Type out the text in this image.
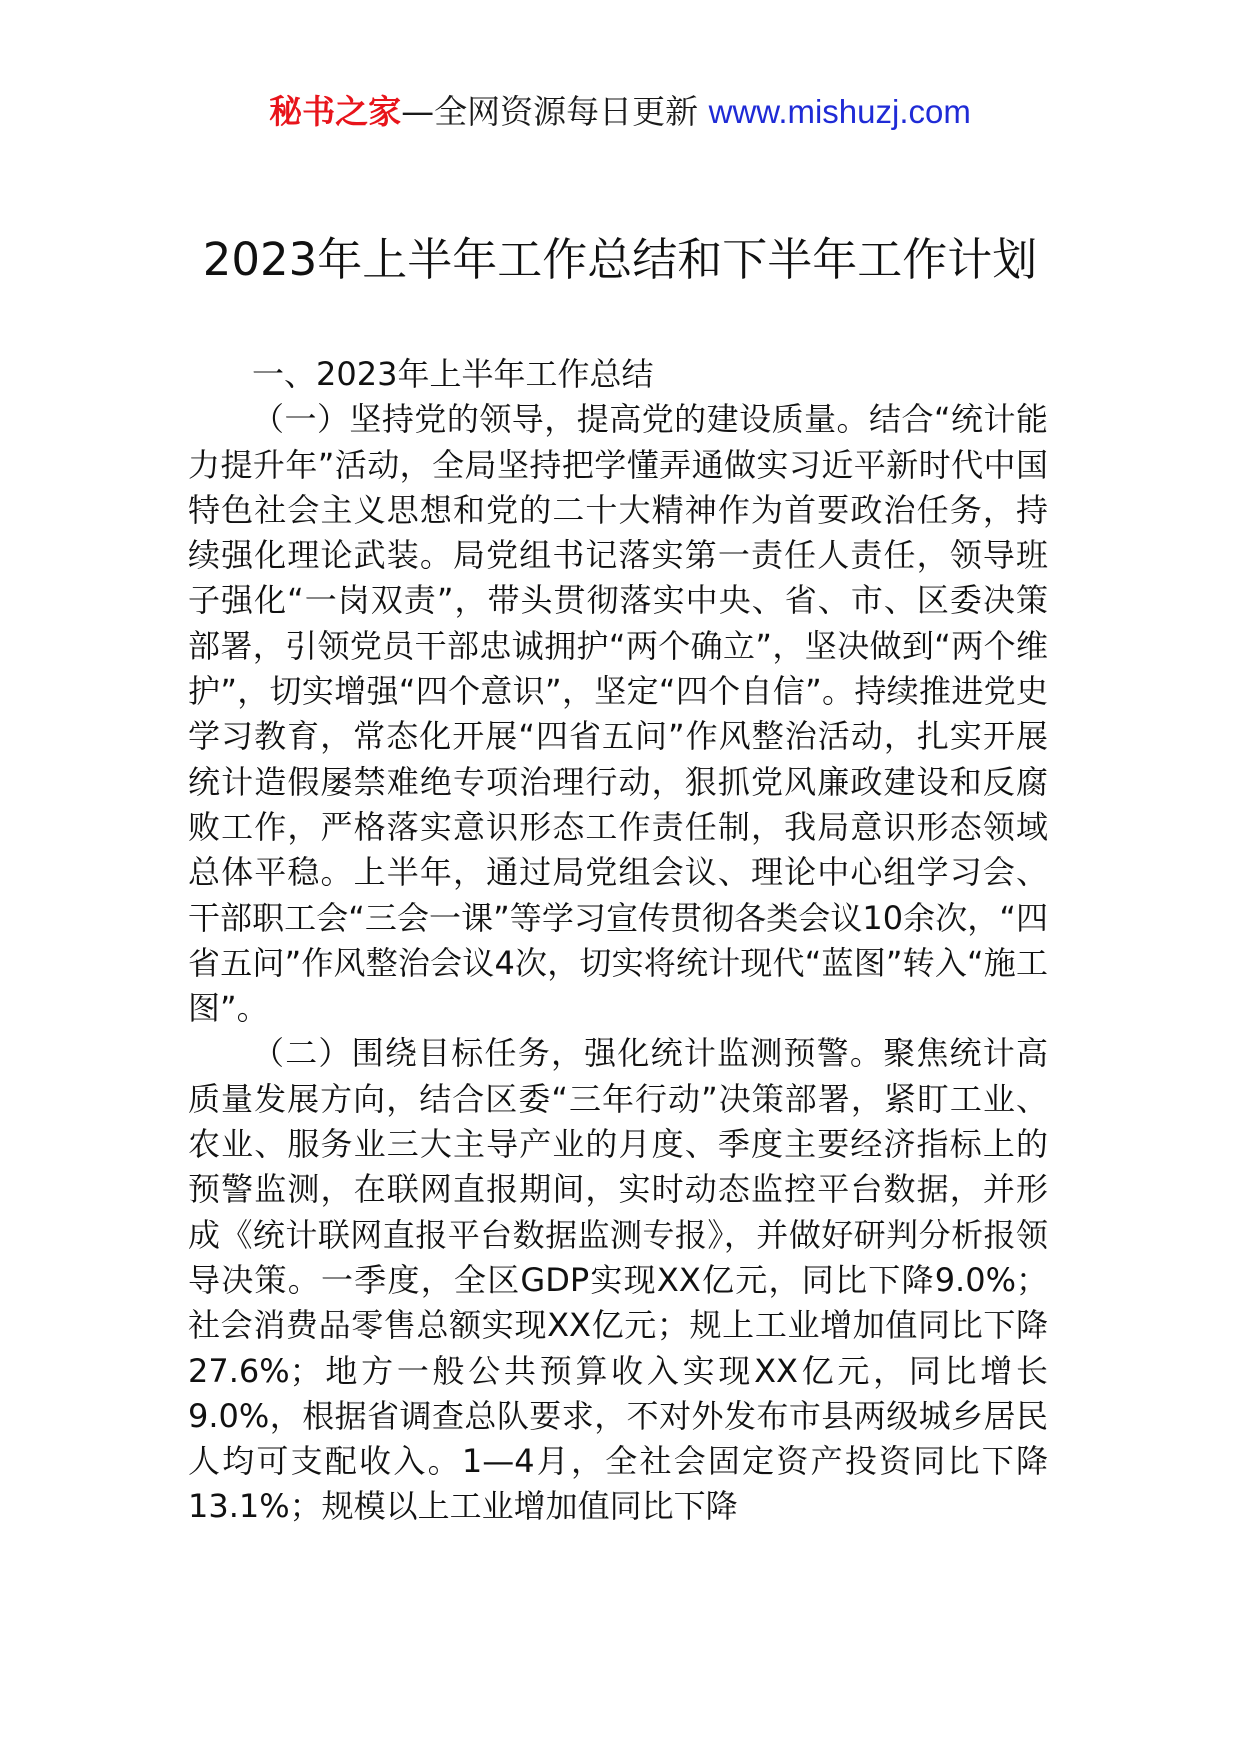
秘书之家—全网资源每日更新 www.mishuzj.com
2023年上半年工作总结和下半年工作计划

一、2023年上半年工作总结

（一）坚持党的领导，提高党的建设质量。结合“统计能力提升年”活动，全局坚持把学懂弄通做实习近平新时代中国特色社会主义思想和党的二十大精神作为首要政治任务，持续强化理论武装。局党组书记落实第一责任人责任，领导班子强化“一岗双责”，带头贯彻落实中央、省、市、区委决策部署，引领党员干部忠诚拥护“两个确立”，坚决做到“两个维护”，切实增强“四个意识”，坚定“四个自信”。持续推进党史学习教育，常态化开展“四省五问”作风整治活动，扎实开展统计造假屡禁难绝专项治理行动，狠抓党风廉政建设和反腐败工作，严格落实意识形态工作责任制，我局意识形态领域总体平稳。上半年，通过局党组会议、理论中心组学习会、干部职工会“三会一课”等学习宣传贯彻各类会议10余次，“四省五问”作风整治会议4次，切实将统计现代“蓝图”转入“施工图”。

（二）围绕目标任务，强化统计监测预警。聚焦统计高质量发展方向，结合区委“三年行动”决策部署，紧盯工业、农业、服务业三大主导产业的月度、季度主要经济指标上的预警监测，在联网直报期间，实时动态监控平台数据，并形成《统计联网直报平台数据监测专报》，并做好研判分析报领导决策。一季度，全区GDP实现XX亿元，同比下降9.0%；社会消费品零售总额实现XX亿元；规上工业增加值同比下降27.6%；地方一般公共预算收入实现XX亿元，同比增长9.0%，根据省调查总队要求，不对外发布市县两级城乡居民人均可支配收入。1—4月，全社会固定资产投资同比下降13.1%；规模以上工业增加值同比下降
